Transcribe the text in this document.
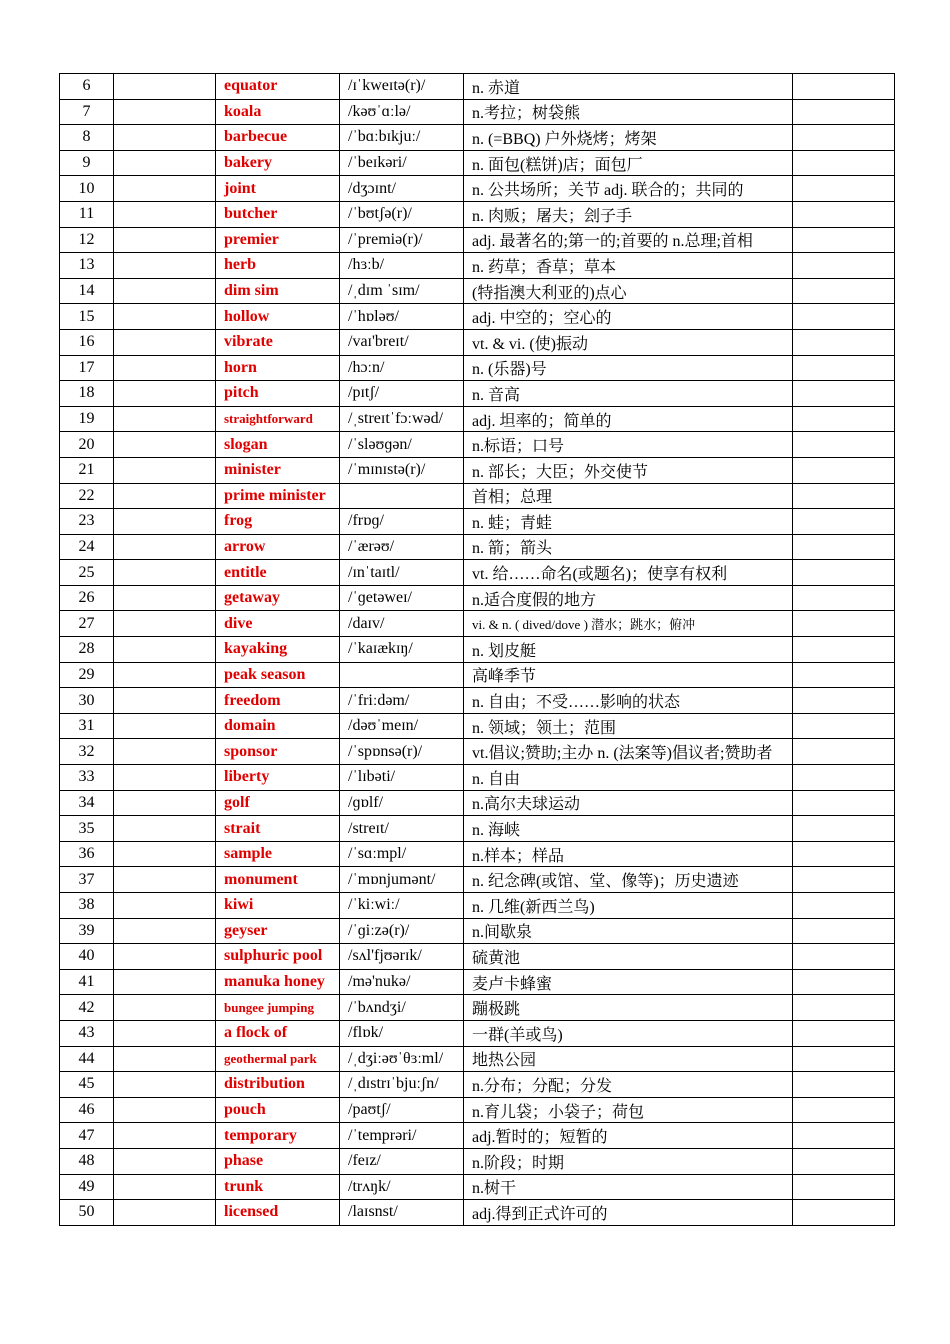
6		equator	/ɪˈkweɪtə(r)/	n. 赤道	
7		koala	/kəʊˈɑːlə/	n.考拉；树袋熊	
8		barbecue	/ˈbɑːbɪkjuː/	n. (=BBQ) 户外烧烤；烤架	
9		bakery	/ˈbeɪkəri/	n. 面包(糕饼)店；面包厂	
10		joint	/dʒɔɪnt/	n. 公共场所；关节 adj. 联合的；共同的	
11		butcher	/ˈbʊtʃə(r)/	n. 肉贩；屠夫；刽子手	
12		premier	/ˈpremiə(r)/	adj. 最著名的;第一的;首要的 n.总理;首相	
13		herb	/hɜːb/	n. 药草；香草；草本	
14		dim sim	/ˌdɪm ˈsɪm/	(特指澳大利亚的)点心	
15		hollow	/ˈhɒləʊ/	adj. 中空的；空心的	
16		vibrate	/vaɪ'breɪt/	vt. & vi. (使)振动	
17		horn	/hɔːn/	n. (乐器)号	
18		pitch	/pɪtʃ/	n. 音高	
19		straightforward	/ˌstreɪtˈfɔːwəd/	adj. 坦率的；简单的	
20		slogan	/ˈsləʊɡən/	n.标语；口号	
21		minister	/ˈmɪnɪstə(r)/	n. 部长；大臣；外交使节	
22		prime minister		首相；总理	
23		frog	/frɒɡ/	n. 蛙；青蛙	
24		arrow	/ˈærəʊ/	n. 箭；箭头	
25		entitle	/ɪnˈtaɪtl/	vt. 给……命名(或题名)；使享有权利	
26		getaway	/ˈɡetəweɪ/	n.适合度假的地方	
27		dive	/daɪv/	vi. & n. ( dived/dove ) 潜水；跳水；俯冲	
28		kayaking	/ˈkaɪækɪŋ/	n. 划皮艇	
29		peak season		高峰季节	
30		freedom	/ˈfriːdəm/	n. 自由；不受……影响的状态	
31		domain	/dəʊˈmeɪn/	n. 领域；领土；范围	
32		sponsor	/ˈspɒnsə(r)/	vt.倡议;赞助;主办 n. (法案等)倡议者;赞助者	
33		liberty	/ˈlɪbəti/	n. 自由	
34		golf	/ɡɒlf/	n.高尔夫球运动	
35		strait	/streɪt/	n. 海峡	
36		sample	/ˈsɑːmpl/	n.样本；样品	
37		monument	/ˈmɒnjumənt/	n. 纪念碑(或馆、堂、像等)；历史遗迹	
38		kiwi	/ˈkiːwiː/	n. 几维(新西兰鸟)	
39		geyser	/ˈɡiːzə(r)/	n.间歇泉	
40		sulphuric pool	/sʌl'fjʊərɪk/	硫黄池	
41		manuka honey	/mə'nukə/	麦卢卡蜂蜜	
42		bungee jumping	/ˈbʌndʒi/	蹦极跳	
43		a flock of	/flɒk/	一群(羊或鸟)	
44		geothermal park	/ˌdʒiːəʊˈθɜːml/	地热公园	
45		distribution	/ˌdɪstrɪˈbjuːʃn/	n.分布；分配；分发	
46		pouch	/paʊtʃ/	n.育儿袋；小袋子；荷包	
47		temporary	/ˈtemprəri/	adj.暂时的；短暂的	
48		phase	/feɪz/	n.阶段；时期	
49		trunk	/trʌŋk/	n.树干	
50		licensed	/laɪsnst/	adj.得到正式许可的	
